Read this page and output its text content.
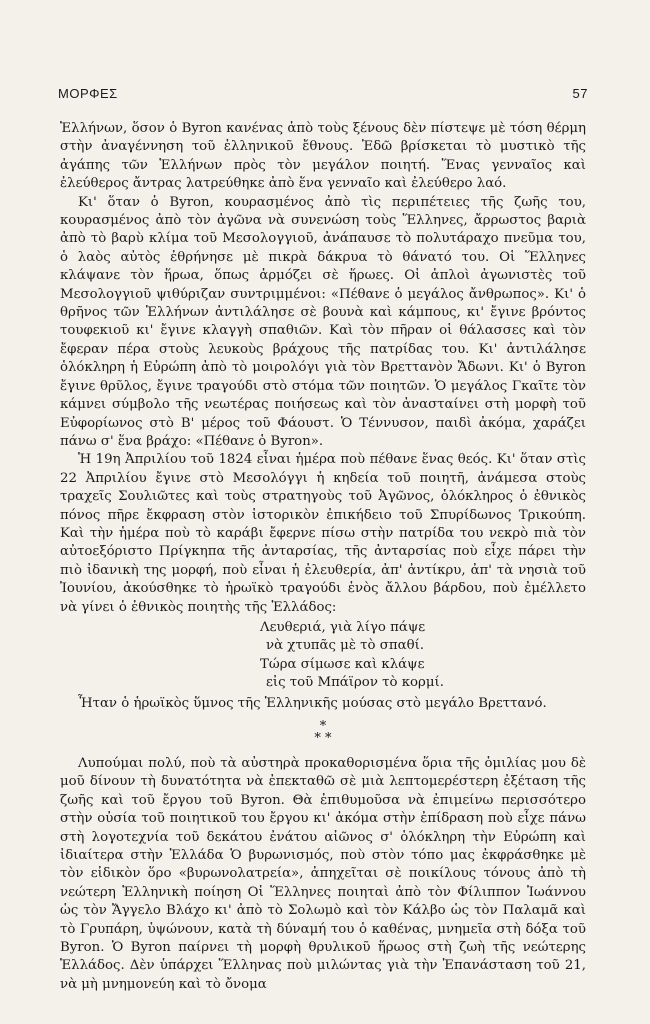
ΜΟΡΦΕΣ	57

Ἑλλήνων, ὅσον ὁ Byron κανένας ἀπὸ τοὺς ξένους δὲν πίστεψε μὲ τόση θέρμη στὴν ἀναγέννηση τοῦ ἑλληνικοῦ ἔθνους. Ἐδῶ βρίσκεται τὸ μυστικὸ τῆς ἀγάπης τῶν Ἑλλήνων πρὸς τὸν μεγάλον ποιητή. Ἕνας γενναῖος καὶ ἐλεύθερος ἄντρας λατρεύθηκε ἀπὸ ἕνα γενναῖο καὶ ἐλεύθερο λαό.

Κι' ὅταν ὁ Byron, κουρασμένος ἀπὸ τὶς περιπέτειες τῆς ζωῆς του, κουρασμένος ἀπὸ τὸν ἀγῶνα νὰ συνενώση τοὺς Ἕλληνες, ἄρρωστος βαριὰ ἀπὸ τὸ βαρὺ κλίμα τοῦ Μεσολογγιοῦ, ἀνάπαυσε τὸ πολυτάραχο πνεῦμα του, ὁ λαὸς αὐτὸς ἐθρήνησε μὲ πικρὰ δάκρυα τὸ θάνατό του. Οἱ Ἕλληνες κλάψανε τὸν ἥρωα, ὅπως ἁρμόζει σὲ ἥρωες. Οἱ ἁπλοὶ ἀγωνιστὲς τοῦ Μεσολογγιοῦ ψιθύριζαν συντριμμένοι: «Πέθανε ὁ μεγάλος ἄνθρωπος». Κι' ὁ θρῆνος τῶν Ἑλλήνων ἀντιλάλησε σὲ βουνὰ καὶ κάμπους, κι' ἔγινε βρόντος τουφεκιοῦ κι' ἔγινε κλαγγὴ σπαθιῶν. Καὶ τὸν πῆραν οἱ θάλασσες καὶ τὸν ἔφεραν πέρα στοὺς λευκοὺς βράχους τῆς πατρίδας του. Κι' ἀντιλάλησε ὁλόκληρη ἡ Εὐρώπη ἀπὸ τὸ μοιρολόγι γιὰ τὸν Βρεττανὸν Ἄδωνι. Κι' ὁ Byron ἔγινε θρῦλος, ἔγινε τραγούδι στὸ στόμα τῶν ποιητῶν. Ὁ μεγάλος Γκαῖτε τὸν κάμνει σύμβολο τῆς νεωτέρας ποιήσεως καὶ τὸν ἀνασταίνει στὴ μορφὴ τοῦ Εὐφορίωνος στὸ Β' μέρος τοῦ Φάουστ. Ὁ Τέννυσον, παιδὶ ἀκόμα, χαράζει πάνω σ' ἕνα βράχο: «Πέθανε ὁ Byron».

Ἡ 19η Ἀπριλίου τοῦ 1824 εἶναι ἡμέρα ποὺ πέθανε ἕνας θεός. Κι' ὅταν στὶς 22 Ἀπριλίου ἔγινε στὸ Μεσολόγγι ἡ κηδεία τοῦ ποιητῆ, ἀνάμεσα στοὺς τραχεῖς Σουλιῶτες καὶ τοὺς στρατηγοὺς τοῦ Ἀγῶνος, ὁλόκληρος ὁ ἐθνικὸς πόνος πῆρε ἔκφραση στὸν ἱστορικὸν ἐπικήδειο τοῦ Σπυρίδωνος Τρικούπη. Καὶ τὴν ἡμέρα ποὺ τὸ καράβι ἔφερνε πίσω στὴν πατρίδα του νεκρὸ πιὰ τὸν αὐτοεξόριστο Πρίγκηπα τῆς ἀνταρσίας, τῆς ἀνταρσίας ποὺ εἶχε πάρει τὴν πιὸ ἰδανικὴ της μορφή, ποὺ εἶναι ἡ ἐλευθερία, ἀπ' ἀντίκρυ, ἀπ' τὰ νησιὰ τοῦ Ἰουνίου, ἀκούσθηκε τὸ ἡρωϊκὸ τραγούδι ἑνὸς ἄλλου βάρδου, ποὺ ἐμέλλετο νὰ γίνει ὁ ἐθνικὸς ποιητὴς τῆς Ἑλλάδος:

Λευθεριά, γιὰ λίγο πάψε
νὰ χτυπᾶς μὲ τὸ σπαθί.
Τώρα σίμωσε καὶ κλάψε
εἰς τοῦ Μπάϊρον τὸ κορμί.

Ἦταν ὁ ἡρωϊκὸς ὕμνος τῆς Ἑλληνικῆς μούσας στὸ μεγάλο Βρεττανό.

*
* *

Λυπούμαι πολύ, ποὺ τὰ αὐστηρὰ προκαθορισμένα ὅρια τῆς ὁμιλίας μου δὲ μοῦ δίνουν τὴ δυνατότητα νὰ ἐπεκταθῶ σὲ μιὰ λεπτομερέστερη ἐξέταση τῆς ζωῆς καὶ τοῦ ἔργου τοῦ Byron. Θὰ ἐπιθυμοῦσα νὰ ἐπιμείνω περισσότερο στὴν οὐσία τοῦ ποιητικοῦ του ἔργου κι' ἀκόμα στὴν ἐπίδραση ποὺ εἶχε πάνω στὴ λογοτεχνία τοῦ δεκάτου ἐνάτου αἰῶνος σ' ὁλόκληρη τὴν Εὐρώπη καὶ ἰδιαίτερα στὴν Ἑλλάδα Ὁ βυρωνισμός, ποὺ στὸν τόπο μας ἐκφράσθηκε μὲ τὸν εἰδικὸν ὅρο «βυρωνολατρεία», ἀπηχεῖται σὲ ποικίλους τόνους ἀπὸ τὴ νεώτερη Ἑλληνικὴ ποίηση Οἱ Ἕλληνες ποιηταὶ ἀπὸ τὸν Φίλιππον Ἰωάννου ὡς τὸν Ἄγγελο Βλάχο κι' ἀπὸ τὸ Σολωμὸ καὶ τὸν Κάλβο ὡς τὸν Παλαμᾶ καὶ τὸ Γρυπάρη, ὑψώνουν, κατὰ τὴ δύναμή του ὁ καθένας, μνημεῖα στὴ δόξα τοῦ Byron. Ὁ Byron παίρνει τὴ μορφὴ θρυλικοῦ ἥρωος στὴ ζωὴ τῆς νεώτερης Ἑλλάδος. Δὲν ὑπάρχει Ἕλληνας ποὺ μιλώντας γιὰ τὴν Ἐπανάσταση τοῦ 21, νὰ μὴ μνημονεύη καὶ τὸ ὄνομα
